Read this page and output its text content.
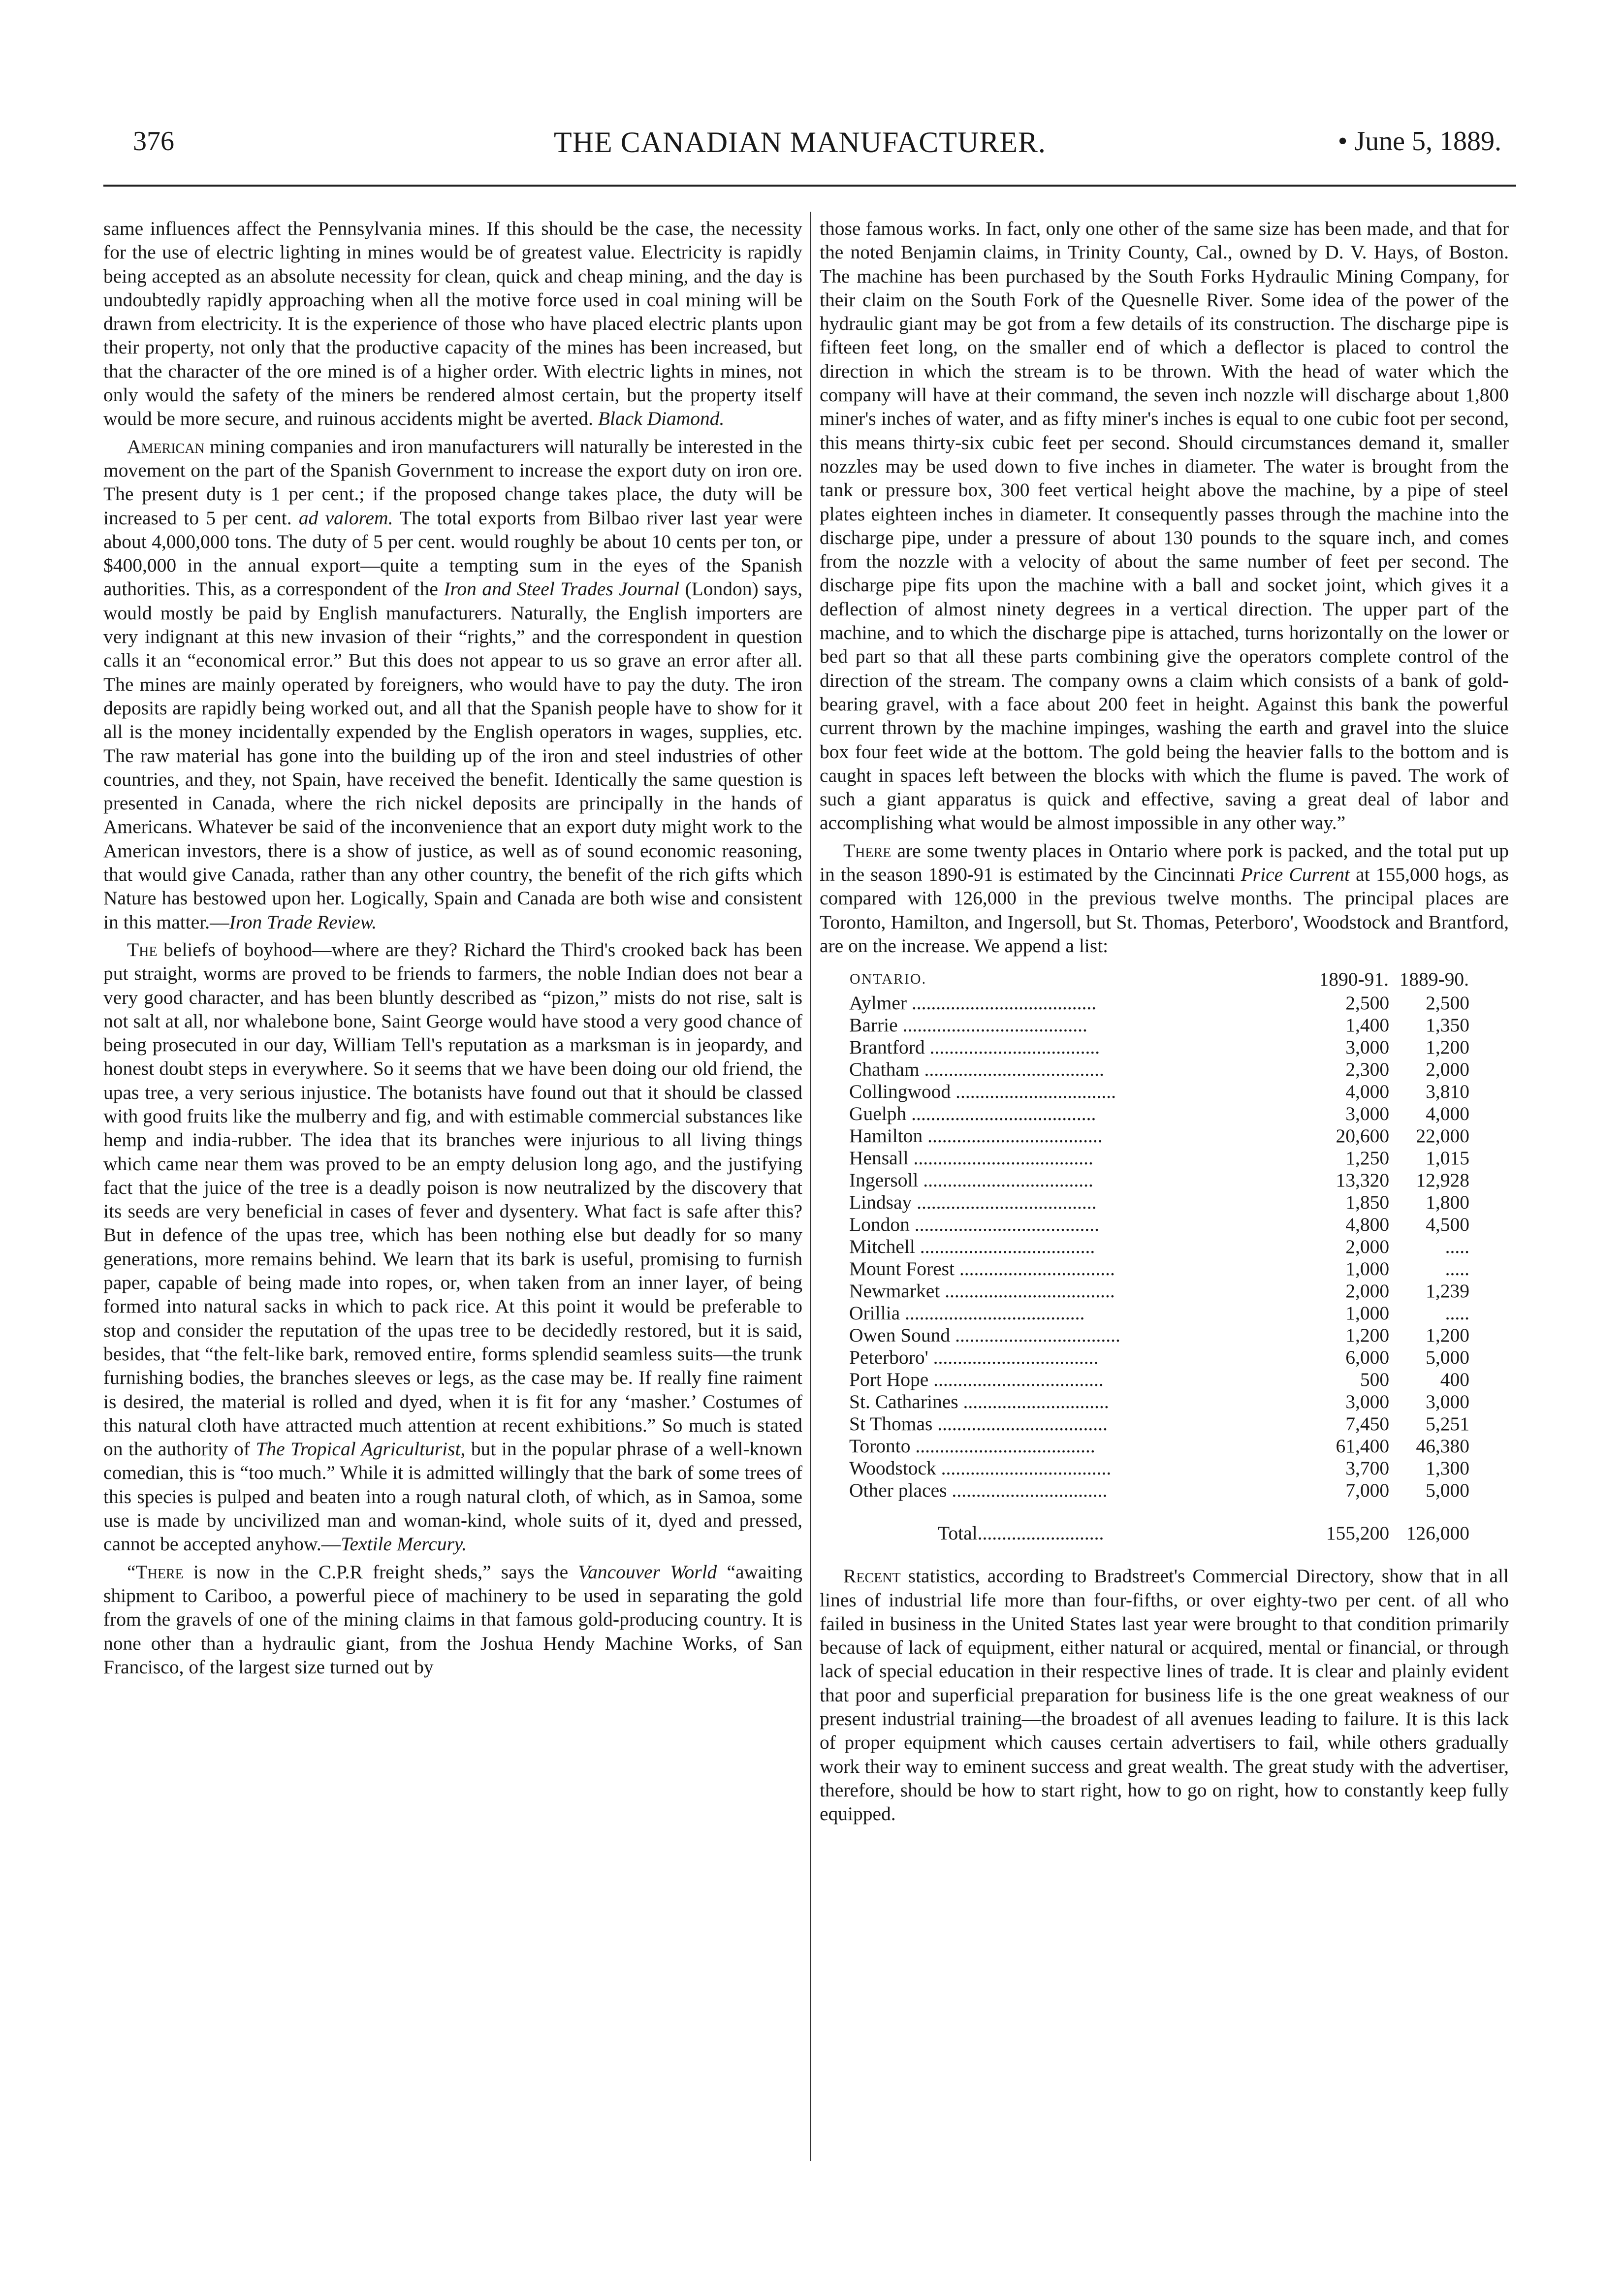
376	THE CANADIAN MANUFACTURER.	• June 5, 1889.

same influences affect the Pennsylvania mines. If this should be the case, the necessity for the use of electric lighting in mines would be of greatest value. Electricity is rapidly being accepted as an absolute necessity for clean, quick and cheap mining, and the day is undoubtedly rapidly approaching when all the motive force used in coal mining will be drawn from electricity. It is the experience of those who have placed electric plants upon their property, not only that the productive capacity of the mines has been increased, but that the character of the ore mined is of a higher order. With electric lights in mines, not only would the safety of the miners be rendered almost certain, but the property itself would be more secure, and ruinous accidents might be averted. Black Diamond.

American mining companies and iron manufacturers will naturally be interested in the movement on the part of the Spanish Government to increase the export duty on iron ore. The present duty is 1 per cent.; if the proposed change takes place, the duty will be increased to 5 per cent. ad valorem. The total exports from Bilbao river last year were about 4,000,000 tons. The duty of 5 per cent. would roughly be about 10 cents per ton, or $400,000 in the annual export—quite a tempting sum in the eyes of the Spanish authorities. This, as a correspondent of the Iron and Steel Trades Journal (London) says, would mostly be paid by English manufacturers. Naturally, the English importers are very indignant at this new invasion of their “rights,” and the correspondent in question calls it an “economical error.” But this does not appear to us so grave an error after all. The mines are mainly operated by foreigners, who would have to pay the duty. The iron deposits are rapidly being worked out, and all that the Spanish people have to show for it all is the money incidentally expended by the English operators in wages, supplies, etc. The raw material has gone into the building up of the iron and steel industries of other countries, and they, not Spain, have received the benefit. Identically the same question is presented in Canada, where the rich nickel deposits are principally in the hands of Americans. Whatever be said of the inconvenience that an export duty might work to the American investors, there is a show of justice, as well as of sound economic reasoning, that would give Canada, rather than any other country, the benefit of the rich gifts which Nature has bestowed upon her. Logically, Spain and Canada are both wise and consistent in this matter.—Iron Trade Review.

The beliefs of boyhood—where are they? Richard the Third's crooked back has been put straight, worms are proved to be friends to farmers, the noble Indian does not bear a very good character, and has been bluntly described as “pizon,” mists do not rise, salt is not salt at all, nor whalebone bone, Saint George would have stood a very good chance of being prosecuted in our day, William Tell's reputation as a marksman is in jeopardy, and honest doubt steps in everywhere. So it seems that we have been doing our old friend, the upas tree, a very serious injustice. The botanists have found out that it should be classed with good fruits like the mulberry and fig, and with estimable commercial substances like hemp and india-rubber. The idea that its branches were injurious to all living things which came near them was proved to be an empty delusion long ago, and the justifying fact that the juice of the tree is a deadly poison is now neutralized by the discovery that its seeds are very beneficial in cases of fever and dysentery. What fact is safe after this? But in defence of the upas tree, which has been nothing else but deadly for so many generations, more remains behind. We learn that its bark is useful, promising to furnish paper, capable of being made into ropes, or, when taken from an inner layer, of being formed into natural sacks in which to pack rice. At this point it would be preferable to stop and consider the reputation of the upas tree to be decidedly restored, but it is said, besides, that “the felt-like bark, removed entire, forms splendid seamless suits—the trunk furnishing bodies, the branches sleeves or legs, as the case may be. If really fine raiment is desired, the material is rolled and dyed, when it is fit for any ‘masher.’ Costumes of this natural cloth have attracted much attention at recent exhibitions.” So much is stated on the authority of The Tropical Agriculturist, but in the popular phrase of a well-known comedian, this is “too much.” While it is admitted willingly that the bark of some trees of this species is pulped and beaten into a rough natural cloth, of which, as in Samoa, some use is made by uncivilized man and woman-kind, whole suits of it, dyed and pressed, cannot be accepted anyhow.—Textile Mercury.

“There is now in the C.P.R freight sheds,” says the Vancouver World “awaiting shipment to Cariboo, a powerful piece of machinery to be used in separating the gold from the gravels of one of the mining claims in that famous gold-producing country. It is none other than a hydraulic giant, from the Joshua Hendy Machine Works, of San Francisco, of the largest size turned out by

those famous works. In fact, only one other of the same size has been made, and that for the noted Benjamin claims, in Trinity County, Cal., owned by D. V. Hays, of Boston. The machine has been purchased by the South Forks Hydraulic Mining Company, for their claim on the South Fork of the Quesnelle River. Some idea of the power of the hydraulic giant may be got from a few details of its construction. The discharge pipe is fifteen feet long, on the smaller end of which a deflector is placed to control the direction in which the stream is to be thrown. With the head of water which the company will have at their command, the seven inch nozzle will discharge about 1,800 miner's inches of water, and as fifty miner's inches is equal to one cubic foot per second, this means thirty-six cubic feet per second. Should circumstances demand it, smaller nozzles may be used down to five inches in diameter. The water is brought from the tank or pressure box, 300 feet vertical height above the machine, by a pipe of steel plates eighteen inches in diameter. It consequently passes through the machine into the discharge pipe, under a pressure of about 130 pounds to the square inch, and comes from the nozzle with a velocity of about the same number of feet per second. The discharge pipe fits upon the machine with a ball and socket joint, which gives it a deflection of almost ninety degrees in a vertical direction. The upper part of the machine, and to which the discharge pipe is attached, turns horizontally on the lower or bed part so that all these parts combining give the operators complete control of the direction of the stream. The company owns a claim which consists of a bank of gold-bearing gravel, with a face about 200 feet in height. Against this bank the powerful current thrown by the machine impinges, washing the earth and gravel into the sluice box four feet wide at the bottom. The gold being the heavier falls to the bottom and is caught in spaces left between the blocks with which the flume is paved. The work of such a giant apparatus is quick and effective, saving a great deal of labor and accomplishing what would be almost impossible in any other way.”

There are some twenty places in Ontario where pork is packed, and the total put up in the season 1890-91 is estimated by the Cincinnati Price Current at 155,000 hogs, as compared with 126,000 in the previous twelve months. The principal places are Toronto, Hamilton, and Ingersoll, but St. Thomas, Peterboro', Woodstock and Brantford, are on the increase. We append a list:

ONTARIO.	1890-91.	1889-90.
Aylmer ......................................	2,500	2,500
Barrie ......................................	1,400	1,350
Brantford ...................................	3,000	1,200
Chatham .....................................	2,300	2,000
Collingwood .................................	4,000	3,810
Guelph ......................................	3,000	4,000
Hamilton ....................................	20,600	22,000
Hensall .....................................	1,250	1,015
Ingersoll ...................................	13,320	12,928
Lindsay .....................................	1,850	1,800
London ......................................	4,800	4,500
Mitchell ....................................	2,000	.....
Mount Forest ................................	1,000	.....
Newmarket ...................................	2,000	1,239
Orillia .....................................	1,000	.....
Owen Sound ..................................	1,200	1,200
Peterboro' ..................................	6,000	5,000
Port Hope ...................................	500	400
St. Catharines ..............................	3,000	3,000
St Thomas ...................................	7,450	5,251
Toronto .....................................	61,400	46,380
Woodstock ...................................	3,700	1,300
Other places ................................	7,000	5,000
Total..........................	155,200	126,000

Recent statistics, according to Bradstreet's Commercial Directory, show that in all lines of industrial life more than four-fifths, or over eighty-two per cent. of all who failed in business in the United States last year were brought to that condition primarily because of lack of equipment, either natural or acquired, mental or financial, or through lack of special education in their respective lines of trade. It is clear and plainly evident that poor and superficial preparation for business life is the one great weakness of our present industrial training—the broadest of all avenues leading to failure. It is this lack of proper equipment which causes certain advertisers to fail, while others gradually work their way to eminent success and great wealth. The great study with the advertiser, therefore, should be how to start right, how to go on right, how to constantly keep fully equipped.
